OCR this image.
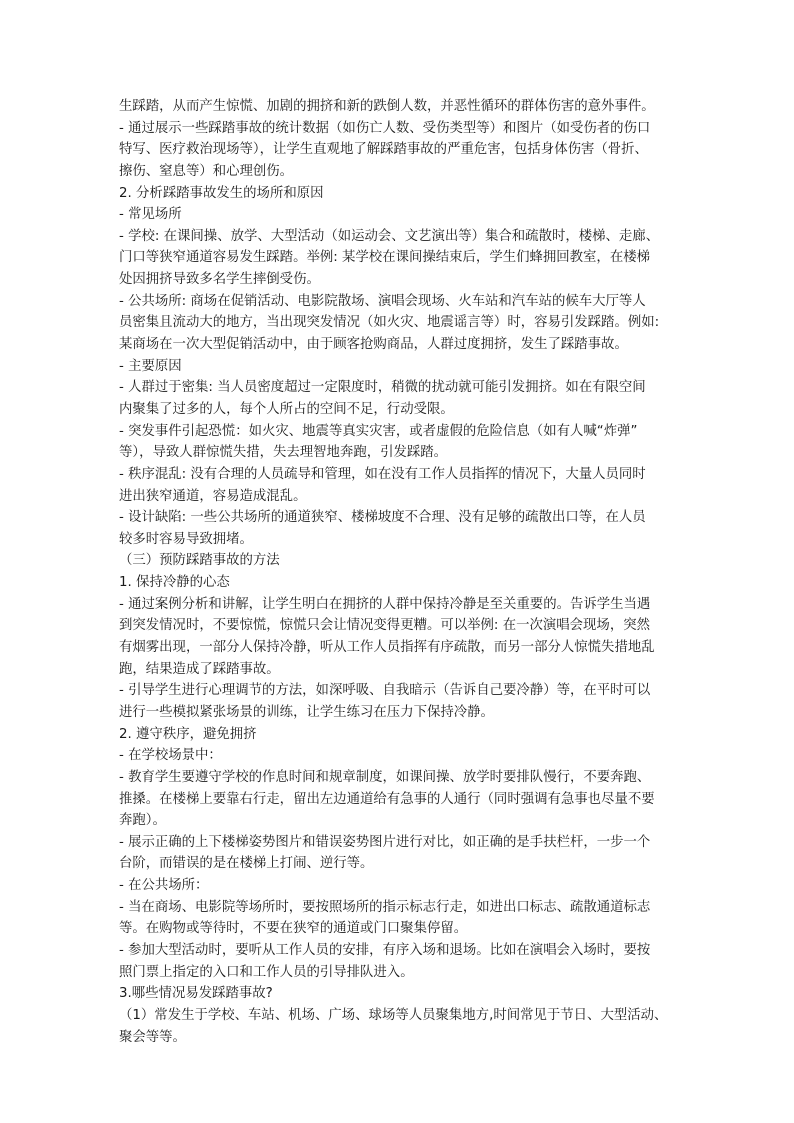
生踩踏，从而产生惊慌、加剧的拥挤和新的跌倒人数，并恶性循环的群体伤害的意外事件。
- 通过展示一些踩踏事故的统计数据（如伤亡人数、受伤类型等）和图片（如受伤者的伤口
特写、医疗救治现场等），让学生直观地了解踩踏事故的严重危害，包括身体伤害（骨折、
擦伤、窒息等）和心理创伤。
2. 分析踩踏事故发生的场所和原因
- 常见场所
- 学校: 在课间操、放学、大型活动（如运动会、文艺演出等）集合和疏散时，楼梯、走廊、
门口等狭窄通道容易发生踩踏。举例: 某学校在课间操结束后，学生们蜂拥回教室，在楼梯
处因拥挤导致多名学生摔倒受伤。
- 公共场所: 商场在促销活动、电影院散场、演唱会现场、火车站和汽车站的候车大厅等人
员密集且流动大的地方，当出现突发情况（如火灾、地震谣言等）时，容易引发踩踏。例如:
某商场在一次大型促销活动中，由于顾客抢购商品，人群过度拥挤，发生了踩踏事故。
- 主要原因
- 人群过于密集: 当人员密度超过一定限度时，稍微的扰动就可能引发拥挤。如在有限空间
内聚集了过多的人，每个人所占的空间不足，行动受限。
- 突发事件引起恐慌：如火灾、地震等真实灾害，或者虚假的危险信息（如有人喊“炸弹”
等），导致人群惊慌失措，失去理智地奔跑，引发踩踏。
- 秩序混乱: 没有合理的人员疏导和管理，如在没有工作人员指挥的情况下，大量人员同时
进出狭窄通道，容易造成混乱。
- 设计缺陷: 一些公共场所的通道狭窄、楼梯坡度不合理、没有足够的疏散出口等，在人员
较多时容易导致拥堵。
（三）预防踩踏事故的方法
1. 保持冷静的心态
- 通过案例分析和讲解，让学生明白在拥挤的人群中保持冷静是至关重要的。告诉学生当遇
到突发情况时，不要惊慌，惊慌只会让情况变得更糟。可以举例: 在一次演唱会现场，突然
有烟雾出现，一部分人保持冷静，听从工作人员指挥有序疏散，而另一部分人惊慌失措地乱
跑，结果造成了踩踏事故。
- 引导学生进行心理调节的方法，如深呼吸、自我暗示（告诉自己要冷静）等，在平时可以
进行一些模拟紧张场景的训练，让学生练习在压力下保持冷静。
2. 遵守秩序，避免拥挤
- 在学校场景中：
- 教育学生要遵守学校的作息时间和规章制度，如课间操、放学时要排队慢行，不要奔跑、
推搡。在楼梯上要靠右行走，留出左边通道给有急事的人通行（同时强调有急事也尽量不要
奔跑）。
- 展示正确的上下楼梯姿势图片和错误姿势图片进行对比，如正确的是手扶栏杆，一步一个
台阶，而错误的是在楼梯上打闹、逆行等。
- 在公共场所：
- 当在商场、电影院等场所时，要按照场所的指示标志行走，如进出口标志、疏散通道标志
等。在购物或等待时，不要在狭窄的通道或门口聚集停留。
- 参加大型活动时，要听从工作人员的安排，有序入场和退场。比如在演唱会入场时，要按
照门票上指定的入口和工作人员的引导排队进入。
3.哪些情况易发踩踏事故?
（1）常发生于学校、车站、机场、广场、球场等人员聚集地方,时间常见于节日、大型活动、
聚会等等。
